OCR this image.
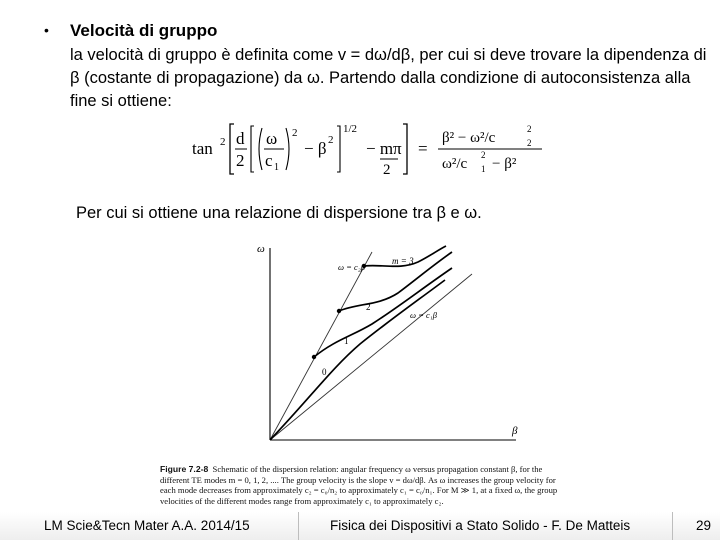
• Velocità di gruppo

la velocità di gruppo è definita come v = dω/dβ, per cui si deve trovare la dipendenza di β (costante di propagazione) da ω. Partendo dalla condizione di autoconsistenza alla fine si ottiene:

tan 2 d
2
ω
c 1
2
− β 2
1/2
− mπ
2
=
β² − ω²/c	2
2
ω²/c 1
2
− β²

Per cui si ottiene una relazione di dispersione tra β e ω.

ω
β
ω = c₂β
ω = c₁β
m = 3
2
1
0
Figure 7.2-8 Schematic of the dispersion relation: angular frequency ω versus propagation constant β, for the different TE modes m = 0, 1, 2, .... The group velocity is the slope v = dω/dβ. As ω increases the group velocity for each mode decreases from approximately c₂ = c₀/n₂ to approximately c₁ = c₀/n₁. For M ≫ 1, at a fixed ω, the group velocities of the different modes range from approximately c₁ to approximately c₂.
LM Scie&Tecn Mater A.A. 2014/15	Fisica dei Dispositivi a Stato Solido - F. De Matteis	29
